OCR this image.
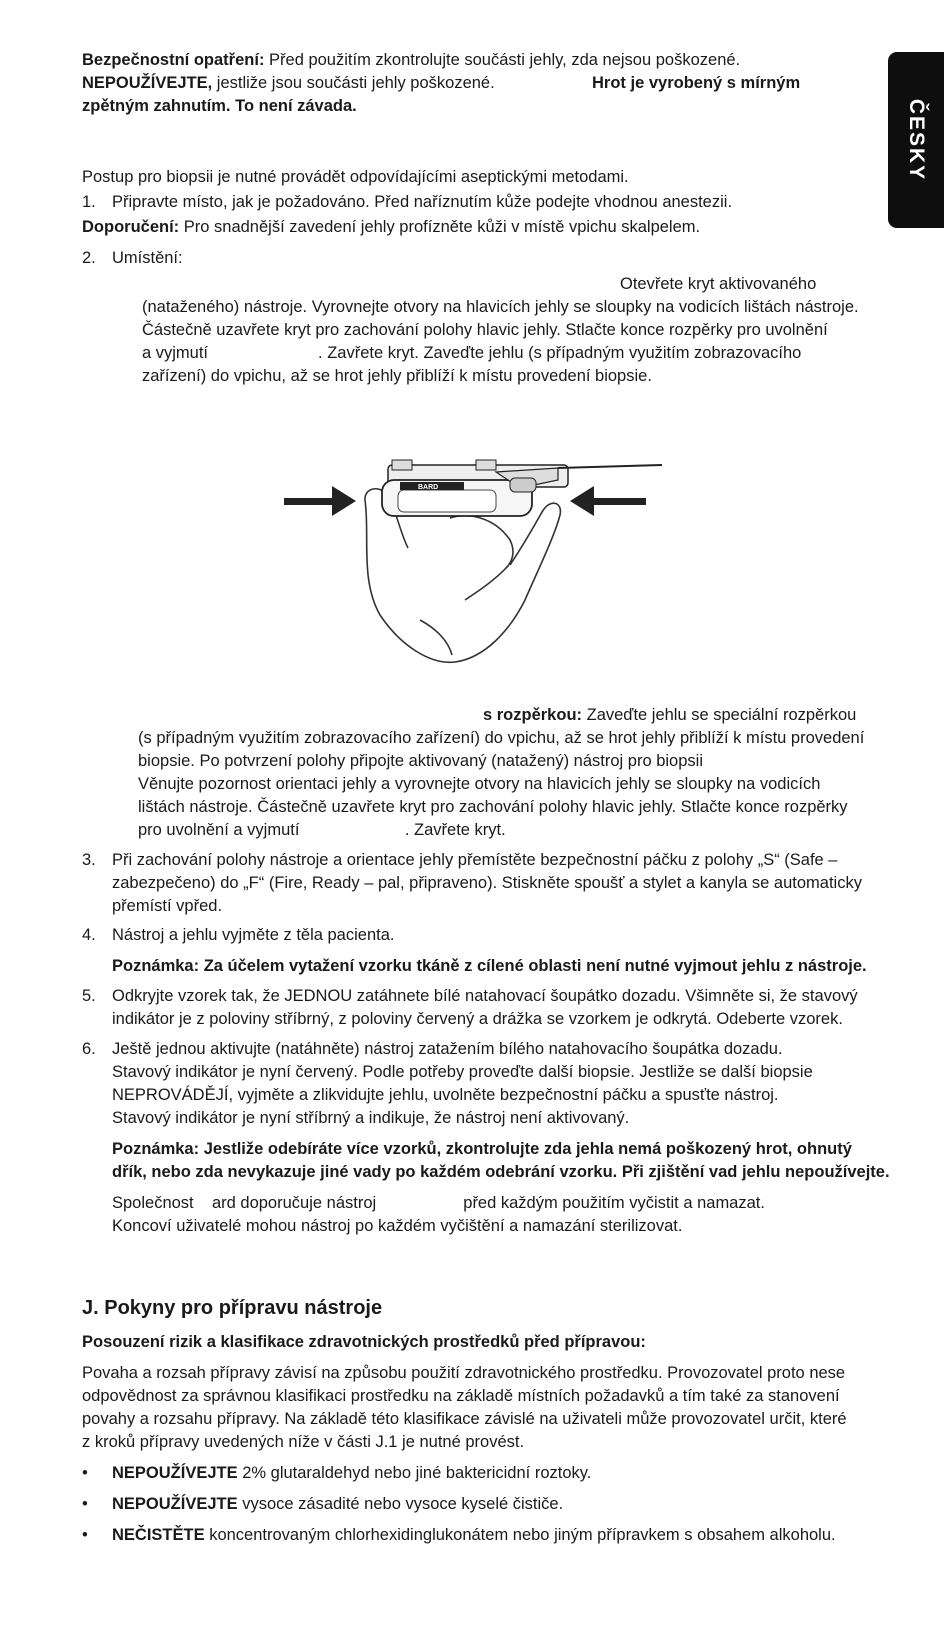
ČESKY
Bezpečnostní opatření: Před použitím zkontrolujte součásti jehly, zda nejsou poškozené.
NEPOUŽÍVEJTE, jestliže jsou součásti jehly poškozené.	Hrot je vyrobený s mírným
zpětným zahnutím. To není závada.
Postup pro biopsii je nutné provádět odpovídajícími aseptickými metodami.
1. Připravte místo, jak je požadováno. Před naříznutím kůže podejte vhodnou anestezii.
Doporučení: Pro snadnější zavedení jehly profízněte kůži v místě vpichu skalpelem.
2. Umístění:
Otevřete kryt aktivovaného
(nataženého) nástroje. Vyrovnejte otvory na hlavicích jehly se sloupky na vodicích lištách nástroje.
Částečně uzavřete kryt pro zachování polohy hlavic jehly. Stlačte konce rozpěrky pro uvolnění
a vyjmutí                        . Zavřete kryt. Zaveďte jehlu (s případným využitím zobrazovacího
zařízení) do vpichu, až se hrot jehly přiblíží k místu provedení biopsie.
BARD
s rozpěrkou: Zaveďte jehlu se speciální rozpěrkou
(s případným využitím zobrazovacího zařízení) do vpichu, až se hrot jehly přiblíží k místu provedení
biopsie. Po potvrzení polohy připojte aktivovaný (natažený) nástroj pro biopsii
Věnujte pozornost orientaci jehly a vyrovnejte otvory na hlavicích jehly se sloupky na vodicích
lištách nástroje. Částečně uzavřete kryt pro zachování polohy hlavic jehly. Stlačte konce rozpěrky
pro uvolnění a vyjmutí                       . Zavřete kryt.
3. Při zachování polohy nástroje a orientace jehly přemístěte bezpečnostní páčku z polohy „S“ (Safe –
zabezpečeno) do „F“ (Fire, Ready – pal, připraveno). Stiskněte spoušť a stylet a kanyla se automaticky
přemístí vpřed.
4. Nástroj a jehlu vyjměte z těla pacienta.
Poznámka: Za účelem vytažení vzorku tkáně z cílené oblasti není nutné vyjmout jehlu z nástroje.
5. Odkryjte vzorek tak, že JEDNOU zatáhnete bílé natahovací šoupátko dozadu. Všimněte si, že stavový
indikátor je z poloviny stříbrný, z poloviny červený a drážka se vzorkem je odkrytá. Odeberte vzorek.
6. Ještě jednou aktivujte (natáhněte) nástroj zatažením bílého natahovacího šoupátka dozadu.
Stavový indikátor je nyní červený. Podle potřeby proveďte další biopsie. Jestliže se další biopsie
NEPROVÁDĚJÍ, vyjměte a zlikvidujte jehlu, uvolněte bezpečnostní páčku a spusťte nástroj.
Stavový indikátor je nyní stříbrný a indikuje, že nástroj není aktivovaný.
Poznámka: Jestliže odebíráte více vzorků, zkontrolujte zda jehla nemá poškozený hrot, ohnutý
dřík, nebo zda nevykazuje jiné vady po každém odebrání vzorku. Při zjištění vad jehlu nepoužívejte.
Společnost    ard doporučuje nástroj                   před každým použitím vyčistit a namazat.
Koncoví uživatelé mohou nástroj po každém vyčištění a namazání sterilizovat.
J. Pokyny pro přípravu nástroje
Posouzení rizik a klasifikace zdravotnických prostředků před přípravou:
Povaha a rozsah přípravy závisí na způsobu použití zdravotnického prostředku. Provozovatel proto nese
odpovědnost za správnou klasifikaci prostředku na základě místních požadavků a tím také za stanovení
povahy a rozsahu přípravy. Na základě této klasifikace závislé na uživateli může provozovatel určit, které
z kroků přípravy uvedených níže v části J.1 je nutné provést.
• NEPOUŽÍVEJTE 2% glutaraldehyd nebo jiné baktericidní roztoky.
• NEPOUŽÍVEJTE vysoce zásadité nebo vysoce kyselé čističe.
• NEČISTĚTE koncentrovaným chlorhexidinglukonátem nebo jiným přípravkem s obsahem alkoholu.
